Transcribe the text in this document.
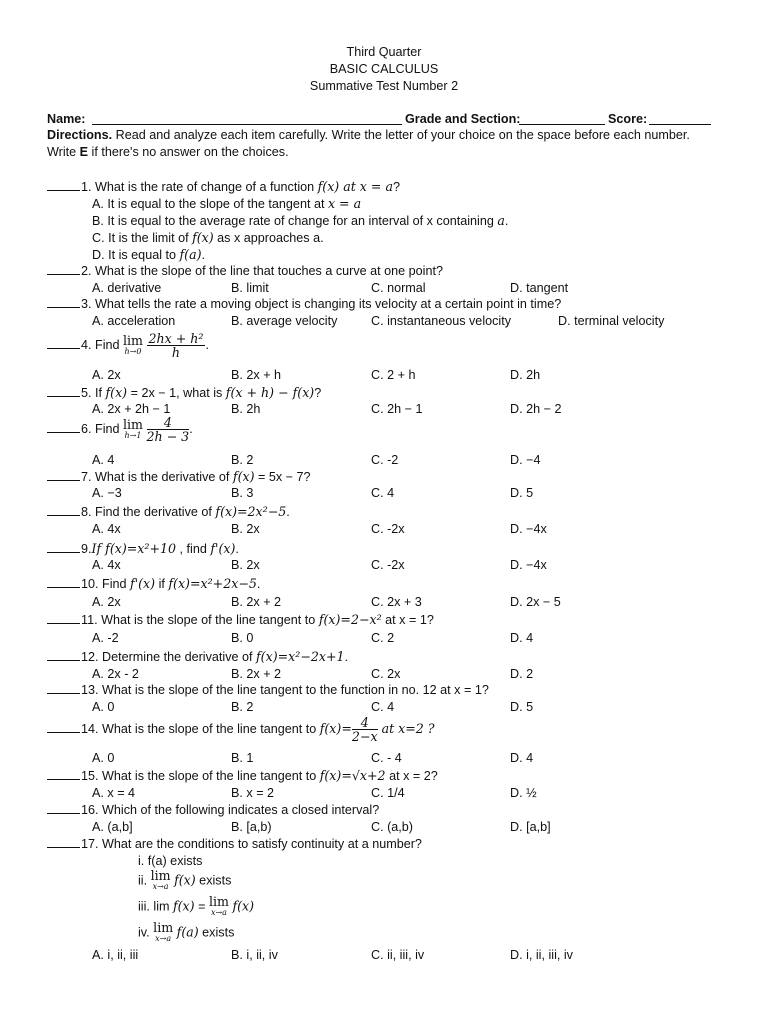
Third Quarter
BASIC CALCULUS
Summative Test Number 2
Name:	Grade and Section:	Score:
Directions. Read and analyze each item carefully. Write the letter of your choice on the space before each number.
Write E if there's no answer on the choices.
1. What is the rate of change of a function f(x) at x = a?
A. It is equal to the slope of the tangent at x = a
B. It is equal to the average rate of change for an interval of x containing a.
C. It is the limit of f(x) as x approaches a.
D. It is equal to f(a).
2. What is the slope of the line that touches a curve at one point?
A. derivative	B. limit	C. normal	D. tangent
3. What tells the rate a moving object is changing its velocity at a certain point in time?
A. acceleration	B. average velocity	C. instantaneous velocity	D. terminal velocity
4. Find lim
h→0
$\frac{\text{2hx + h²}}{h}$ .
A. 2x	B. 2x + h	C. 2 + h	D. 2h
5. If f(x) = 2x − 1, what is f(x + h) − f(x)?
A. 2x + 2h − 1	B. 2h	C. 2h − 1	D. 2h − 2
6. Find lim
h→1
$\frac{4}{2h - 3}$ .
A. 4	B. 2	C. -2	D. −4
7. What is the derivative of f(x) = 5x − 7?
A. −3	B. 3	C. 4	D. 5
8. Find the derivative of f(x)=2x²−5.
A. 4x	B. 2x	C. -2x	D. −4x
9.If f(x)=x²+10 , find f'(x).
A. 4x	B. 2x	C. -2x	D. −4x
10. Find f'(x) if f(x)=x²+2x−5.
A. 2x	B. 2x + 2	C. 2x + 3	D. 2x − 5
11. What is the slope of the line tangent to f(x)=2−x² at x = 1?
A. -2	B. 0	C. 2	D. 4
12. Determine the derivative of f(x)=x²−2x+1.
A. 2x - 2	B. 2x + 2	C. 2x	D. 2
13. What is the slope of the line tangent to the function in no. 12 at x = 1?
A. 0	B. 2	C. 4	D. 5
14. What is the slope of the line tangent to $f(x)= \frac{4}{2-x}$ at x=2 ?
A. 0	B. 1	C. - 4	D. 4
15. What is the slope of the line tangent to f(x)=√x+2 at x = 2?
A. x = 4	B. x = 2	C. 1/4	D. ½
16. Which of the following indicates a closed interval?
A. (a,b]	B. [a,b)	C. (a,b)	D. [a,b]
17. What are the conditions to satisfy continuity at a number?
i. f(a) exists
ii. lim
x→a f(x) exists
iii. lim f(x) = lim
x→a f(x)
iv. lim
x→a f(a) exists
A. i, ii, iii	B. i, ii, iv	C. ii, iii, iv	D. i, ii, iii, iv
